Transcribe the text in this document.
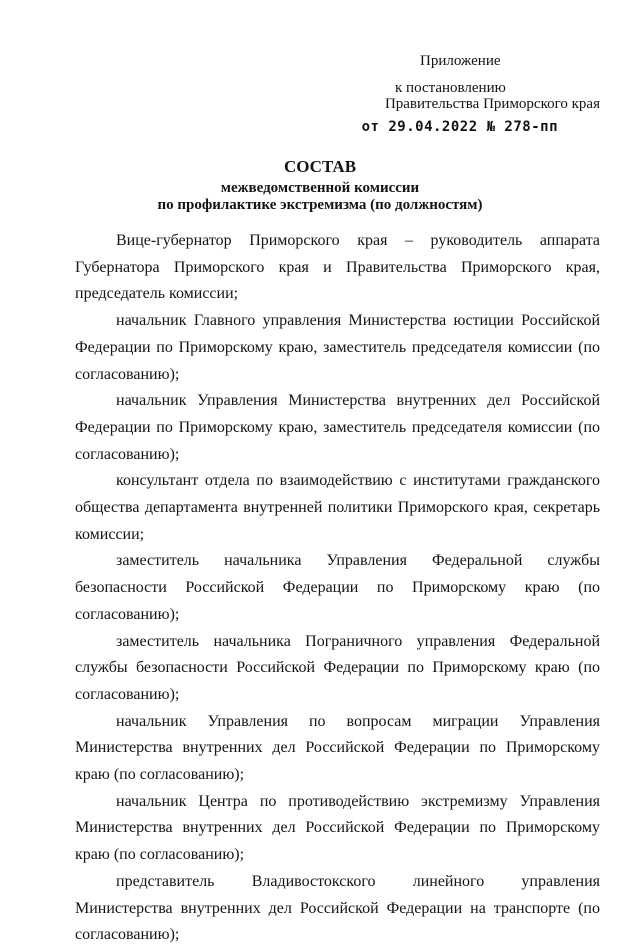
Приложение
к постановлению
Правительства Приморского края
от 29.04.2022 № 278-пп
СОСТАВ
межведомственной комиссии
по профилактике экстремизма (по должностям)

Вице-губернатор Приморского края – руководитель аппарата Губернатора Приморского края и Правительства Приморского края, председатель комиссии;

начальник Главного управления Министерства юстиции Российской Федерации по Приморскому краю, заместитель председателя комиссии (по согласованию);

начальник Управления Министерства внутренних дел Российской Федерации по Приморскому краю, заместитель председателя комиссии (по согласованию);

консультант отдела по взаимодействию с институтами гражданского общества департамента внутренней политики Приморского края, секретарь комиссии;

заместитель начальника Управления Федеральной службы безопасности Российской Федерации по Приморскому краю (по согласованию);

заместитель начальника Пограничного управления Федеральной службы безопасности Российской Федерации по Приморскому краю (по согласованию);

начальник Управления по вопросам миграции Управления Министерства внутренних дел Российской Федерации по Приморскому краю (по согласованию);

начальник Центра по противодействию экстремизму Управления Министерства внутренних дел Российской Федерации по Приморскому краю (по согласованию);

представитель Владивостокского линейного управления Министерства внутренних дел Российской Федерации на транспорте (по согласованию);
